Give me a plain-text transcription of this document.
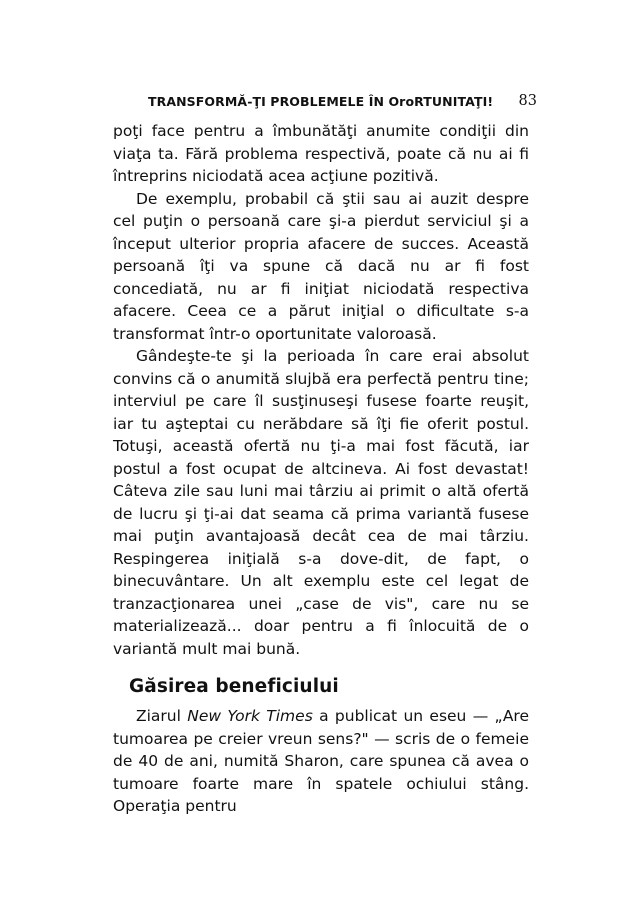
TRANSFORMĂ-ŢI PROBLEMELE ÎN OroRTUNITAŢI! 83

poţi face pentru a îmbunătăţi anumite condiţii din viaţa ta. Fără problema respectivă, poate că nu ai fi întreprins niciodată acea acţiune pozitivă.

De exemplu, probabil că ştii sau ai auzit despre cel puţin o persoană care şi-a pierdut serviciul şi a început ulterior propria afacere de succes. Această persoană îţi va spune că dacă nu ar fi fost concediată, nu ar fi iniţiat niciodată respectiva afacere. Ceea ce a părut iniţial o dificultate s-a transformat într-o oportunitate valoroasă.

Gândeşte-te şi la perioada în care erai absolut convins că o anumită slujbă era perfectă pentru tine; interviul pe care îl susţinuseşi fusese foarte reuşit, iar tu aşteptai cu nerăbdare să îţi fie oferit postul. Totuşi, această ofertă nu ţi-a mai fost făcută, iar postul a fost ocupat de altcineva. Ai fost devastat! Câteva zile sau luni mai târziu ai primit o altă ofertă de lucru şi ţi-ai dat seama că prima variantă fusese mai puţin avantajoasă decât cea de mai târziu. Respingerea iniţială s-a dove-dit, de fapt, o binecuvântare. Un alt exemplu este cel legat de tranzacţionarea unei „case de vis", care nu se materializează... doar pentru a fi înlocuită de o variantă mult mai bună.

Găsirea beneficiului

Ziarul New York Times a publicat un eseu — „Are tumoarea pe creier vreun sens?" — scris de o femeie de 40 de ani, numită Sharon, care spunea că avea o tumoare foarte mare în spatele ochiului stâng. Operaţia pentru
